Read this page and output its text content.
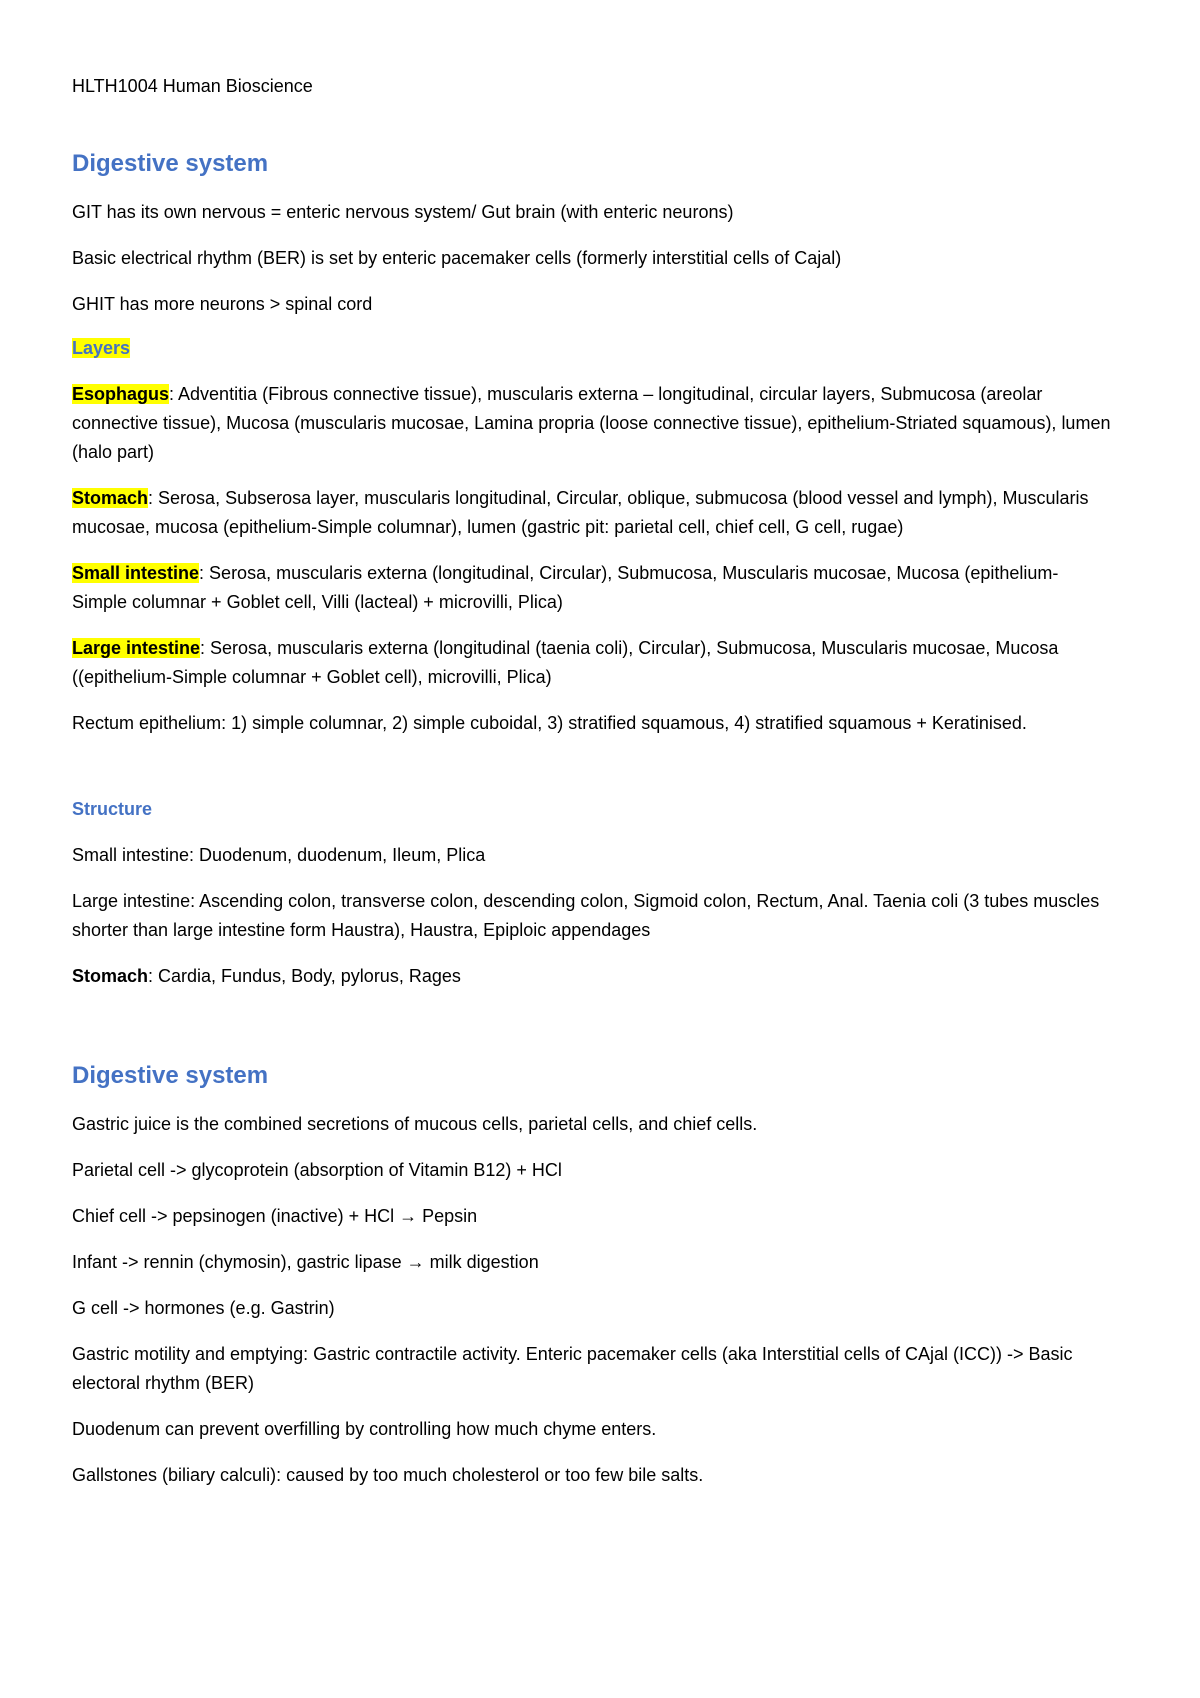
HLTH1004 Human Bioscience
Digestive system
GIT has its own nervous = enteric nervous system/ Gut brain (with enteric neurons)
Basic electrical rhythm (BER) is set by enteric pacemaker cells (formerly interstitial cells of Cajal)
GHIT has more neurons > spinal cord
Layers
Esophagus: Adventitia (Fibrous connective tissue), muscularis externa – longitudinal, circular layers, Submucosa (areolar connective tissue), Mucosa (muscularis mucosae, Lamina propria (loose connective tissue), epithelium-Striated squamous), lumen (halo part)
Stomach: Serosa, Subserosa layer, muscularis longitudinal, Circular, oblique, submucosa (blood vessel and lymph), Muscularis mucosae, mucosa (epithelium-Simple columnar), lumen (gastric pit: parietal cell, chief cell, G cell, rugae)
Small intestine: Serosa, muscularis externa (longitudinal, Circular), Submucosa, Muscularis mucosae, Mucosa (epithelium-Simple columnar + Goblet cell, Villi (lacteal) + microvilli, Plica)
Large intestine: Serosa, muscularis externa (longitudinal (taenia coli), Circular), Submucosa, Muscularis mucosae, Mucosa ((epithelium-Simple columnar + Goblet cell), microvilli, Plica)
Rectum epithelium: 1) simple columnar, 2) simple cuboidal, 3) stratified squamous, 4) stratified squamous + Keratinised.
Structure
Small intestine: Duodenum, duodenum, Ileum, Plica
Large intestine: Ascending colon, transverse colon, descending colon, Sigmoid colon, Rectum, Anal. Taenia coli (3 tubes muscles shorter than large intestine form Haustra), Haustra, Epiploic appendages
Stomach: Cardia, Fundus, Body, pylorus, Rages
Digestive system
Gastric juice is the combined secretions of mucous cells, parietal cells, and chief cells.
Parietal cell -> glycoprotein (absorption of Vitamin B12) + HCl
Chief cell -> pepsinogen (inactive) + HCl → Pepsin
Infant -> rennin (chymosin), gastric lipase → milk digestion
G cell -> hormones (e.g. Gastrin)
Gastric motility and emptying: Gastric contractile activity. Enteric pacemaker cells (aka Interstitial cells of CAjal (ICC)) -> Basic electoral rhythm (BER)
Duodenum can prevent overfilling by controlling how much chyme enters.
Gallstones (biliary calculi): caused by too much cholesterol or too few bile salts.
